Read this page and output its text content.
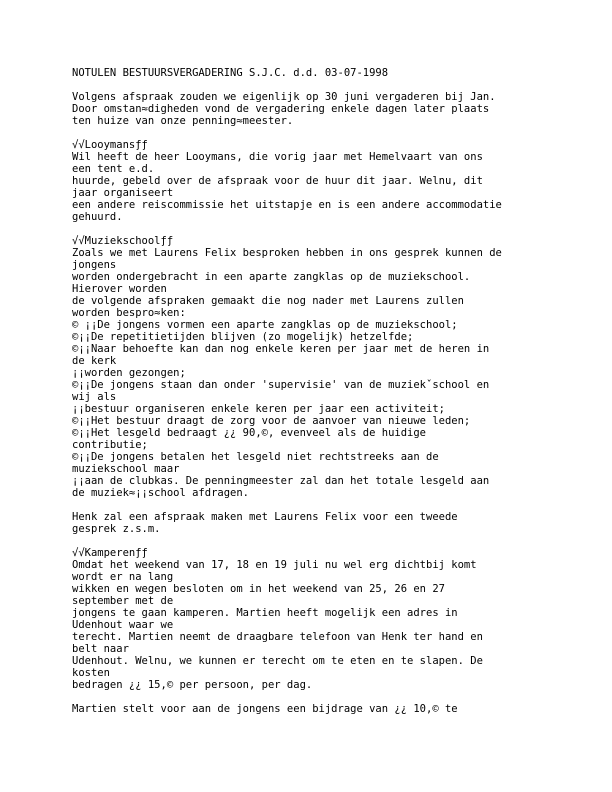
NOTULEN BESTUURSVERGADERING S.J.C. d.d. 03-07-1998
Volgens afspraak zouden we eigenlijk op 30 juni vergaderen bij Jan.
Door omstan≈digheden vond de vergadering enkele dagen later plaats
ten huize van onze penning≈meester.
√√Looymansƒƒ
Wil heeft de heer Looymans, die vorig jaar met Hemelvaart van ons
een tent e.d.
huurde, gebeld over de afspraak voor de huur dit jaar. Welnu, dit
jaar organiseert
een andere reiscommissie het uitstapje en is een andere accommodatie
gehuurd.
√√Muziekschoolƒƒ
Zoals we met Laurens Felix besproken hebben in ons gesprek kunnen de
jongens
worden ondergebracht in een aparte zangklas op de muziekschool.
Hierover worden
de volgende afspraken gemaakt die nog nader met Laurens zullen
worden bespro≈ken:
© ¡¡De jongens vormen een aparte zangklas op de muziekschool;
©¡¡De repetitietijden blijven (zo mogelijk) hetzelfde;
©¡¡Naar behoefte kan dan nog enkele keren per jaar met de heren in
de kerk
¡¡worden gezongen;
©¡¡De jongens staan dan onder 'supervisie' van de muziekˇschool en
wij als
¡¡bestuur organiseren enkele keren per jaar een activiteit;
©¡¡Het bestuur draagt de zorg voor de aanvoer van nieuwe leden;
©¡¡Het lesgeld bedraagt ¿¿ 90,©, evenveel als de huidige
contributie;
©¡¡De jongens betalen het lesgeld niet rechtstreeks aan de
muziekschool maar
¡¡aan de clubkas. De penningmeester zal dan het totale lesgeld aan
de muziek≈¡¡school afdragen.
Henk zal een afspraak maken met Laurens Felix voor een tweede
gesprek z.s.m.
√√Kamperenƒƒ
Omdat het weekend van 17, 18 en 19 juli nu wel erg dichtbij komt
wordt er na lang
wikken en wegen besloten om in het weekend van 25, 26 en 27
september met de
jongens te gaan kamperen. Martien heeft mogelijk een adres in
Udenhout waar we
terecht. Martien neemt de draagbare telefoon van Henk ter hand en
belt naar
Udenhout. Welnu, we kunnen er terecht om te eten en te slapen. De
kosten
bedragen ¿¿ 15,© per persoon, per dag.
Martien stelt voor aan de jongens een bijdrage van ¿¿ 10,© te
